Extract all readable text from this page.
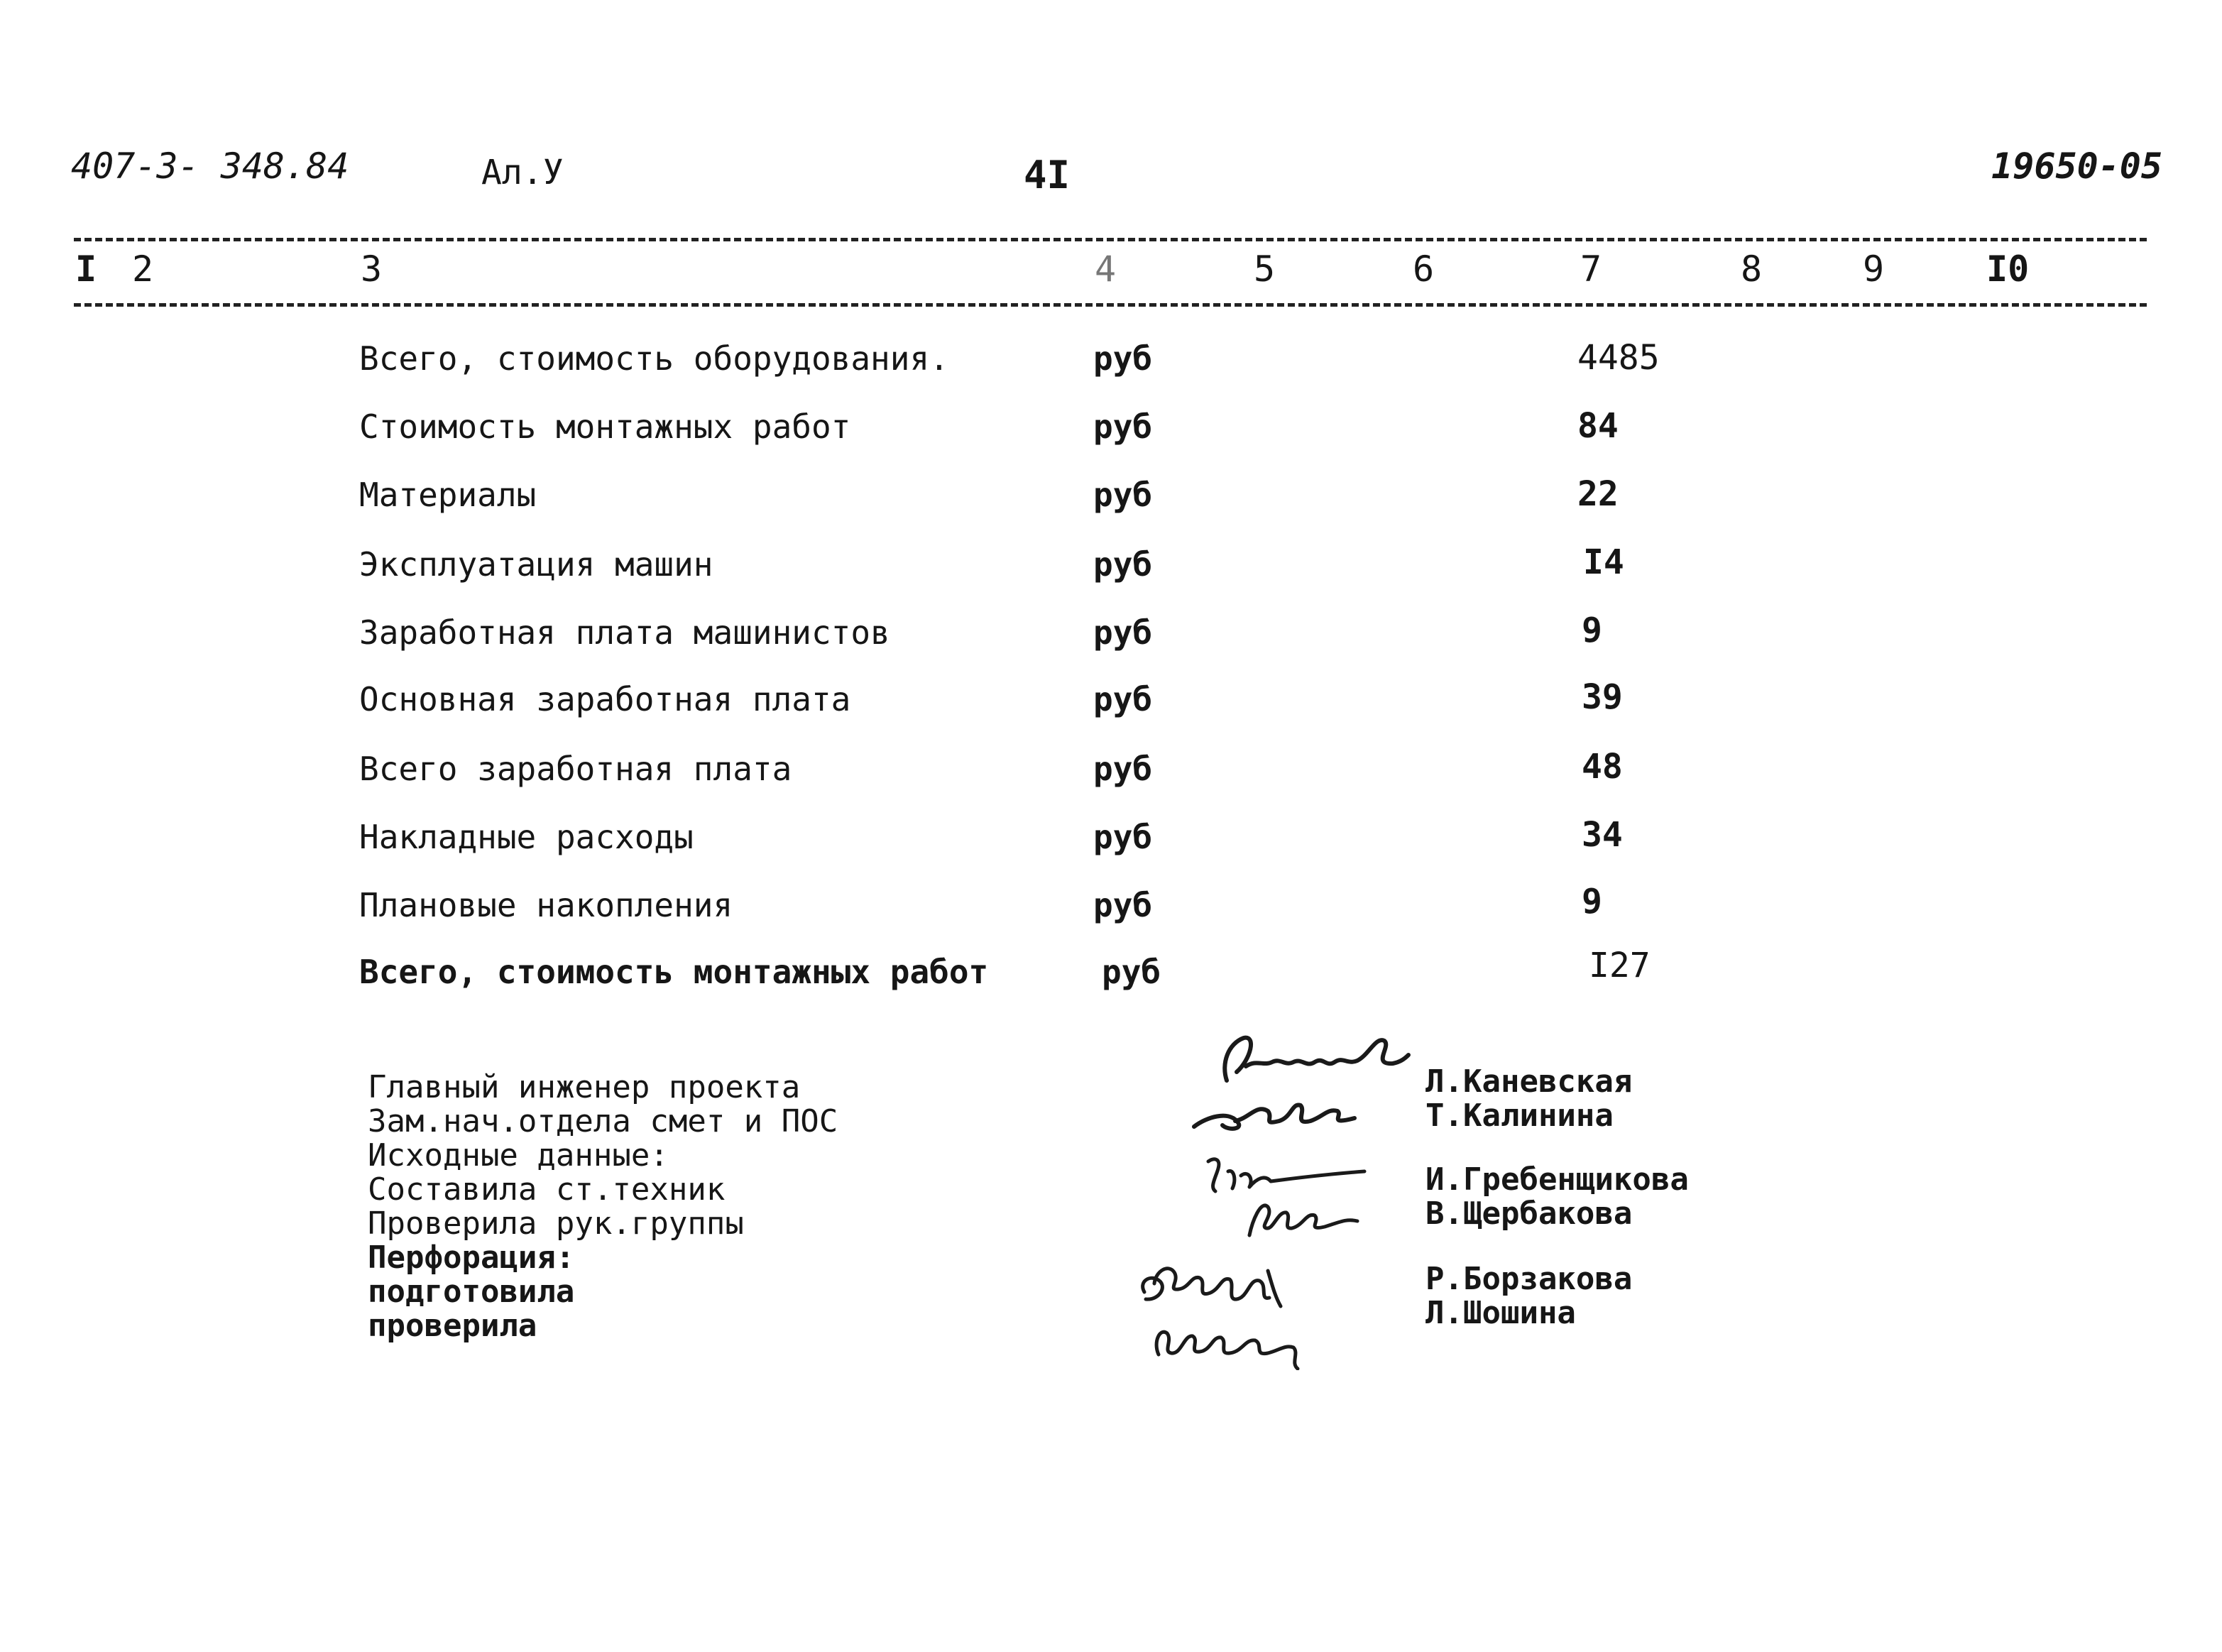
407-3- 348.84	Ал.У	4I	19650-05
I 2	3	4	5	6	7	8	9	I0
Всего, стоимость оборудования.	руб	4485
Стоимость монтажных работ	руб	84
Материалы	руб	22
Эксплуатация машин	руб	I4
Заработная плата машинистов	руб	9
Основная заработная плата	руб	39
Всего заработная плата	руб	48
Накладные расходы	руб	34
Плановые накопления	руб	9
Всего, стоимость монтажных работ	руб	I27
Главный инженер проекта
Зам.нач.отдела смет и ПОС
Исходные данные:
Составила ст.техник
Проверила рук.группы
Перфорация:
подготовила
проверила
Л.Каневская
Т.Калинина
И.Гребенщикова
В.Щербакова
Р.Борзакова
Л.Шошина
